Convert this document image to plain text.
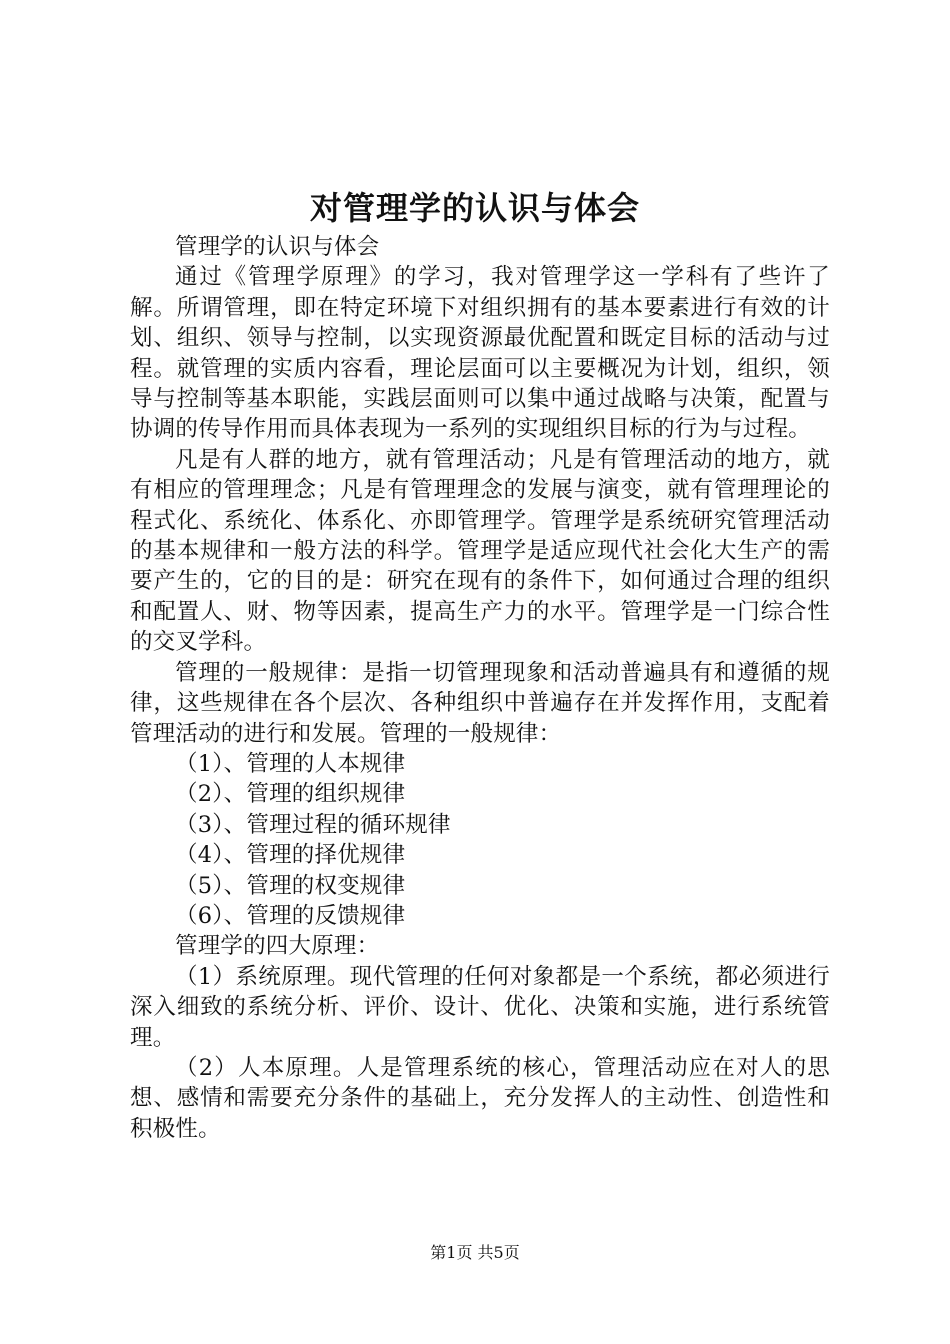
对管理学的认识与体会

管理学的认识与体会

通过《管理学原理》的学习，我对管理学这一学科有了些许了解。所谓管理，即在特定环境下对组织拥有的基本要素进行有效的计划、组织、领导与控制，以实现资源最优配置和既定目标的活动与过程。就管理的实质内容看，理论层面可以主要概况为计划，组织，领导与控制等基本职能，实践层面则可以集中通过战略与决策，配置与协调的传导作用而具体表现为一系列的实现组织目标的行为与过程。

凡是有人群的地方，就有管理活动；凡是有管理活动的地方，就有相应的管理理念；凡是有管理理念的发展与演变，就有管理理论的程式化、系统化、体系化、亦即管理学。管理学是系统研究管理活动的基本规律和一般方法的科学。管理学是适应现代社会化大生产的需要产生的，它的目的是：研究在现有的条件下，如何通过合理的组织和配置人、财、物等因素，提高生产力的水平。管理学是一门综合性的交叉学科。

管理的一般规律：是指一切管理现象和活动普遍具有和遵循的规律，这些规律在各个层次、各种组织中普遍存在并发挥作用，支配着管理活动的进行和发展。管理的一般规律：

（1）、管理的人本规律

（2）、管理的组织规律

（3）、管理过程的循环规律

（4）、管理的择优规律

（5）、管理的权变规律

（6）、管理的反馈规律

管理学的四大原理：

（1）系统原理。现代管理的任何对象都是一个系统，都必须进行深入细致的系统分析、评价、设计、优化、决策和实施，进行系统管理。

（2）人本原理。人是管理系统的核心，管理活动应在对人的思想、感情和需要充分条件的基础上，充分发挥人的主动性、创造性和积极性。

第1页 共5页
